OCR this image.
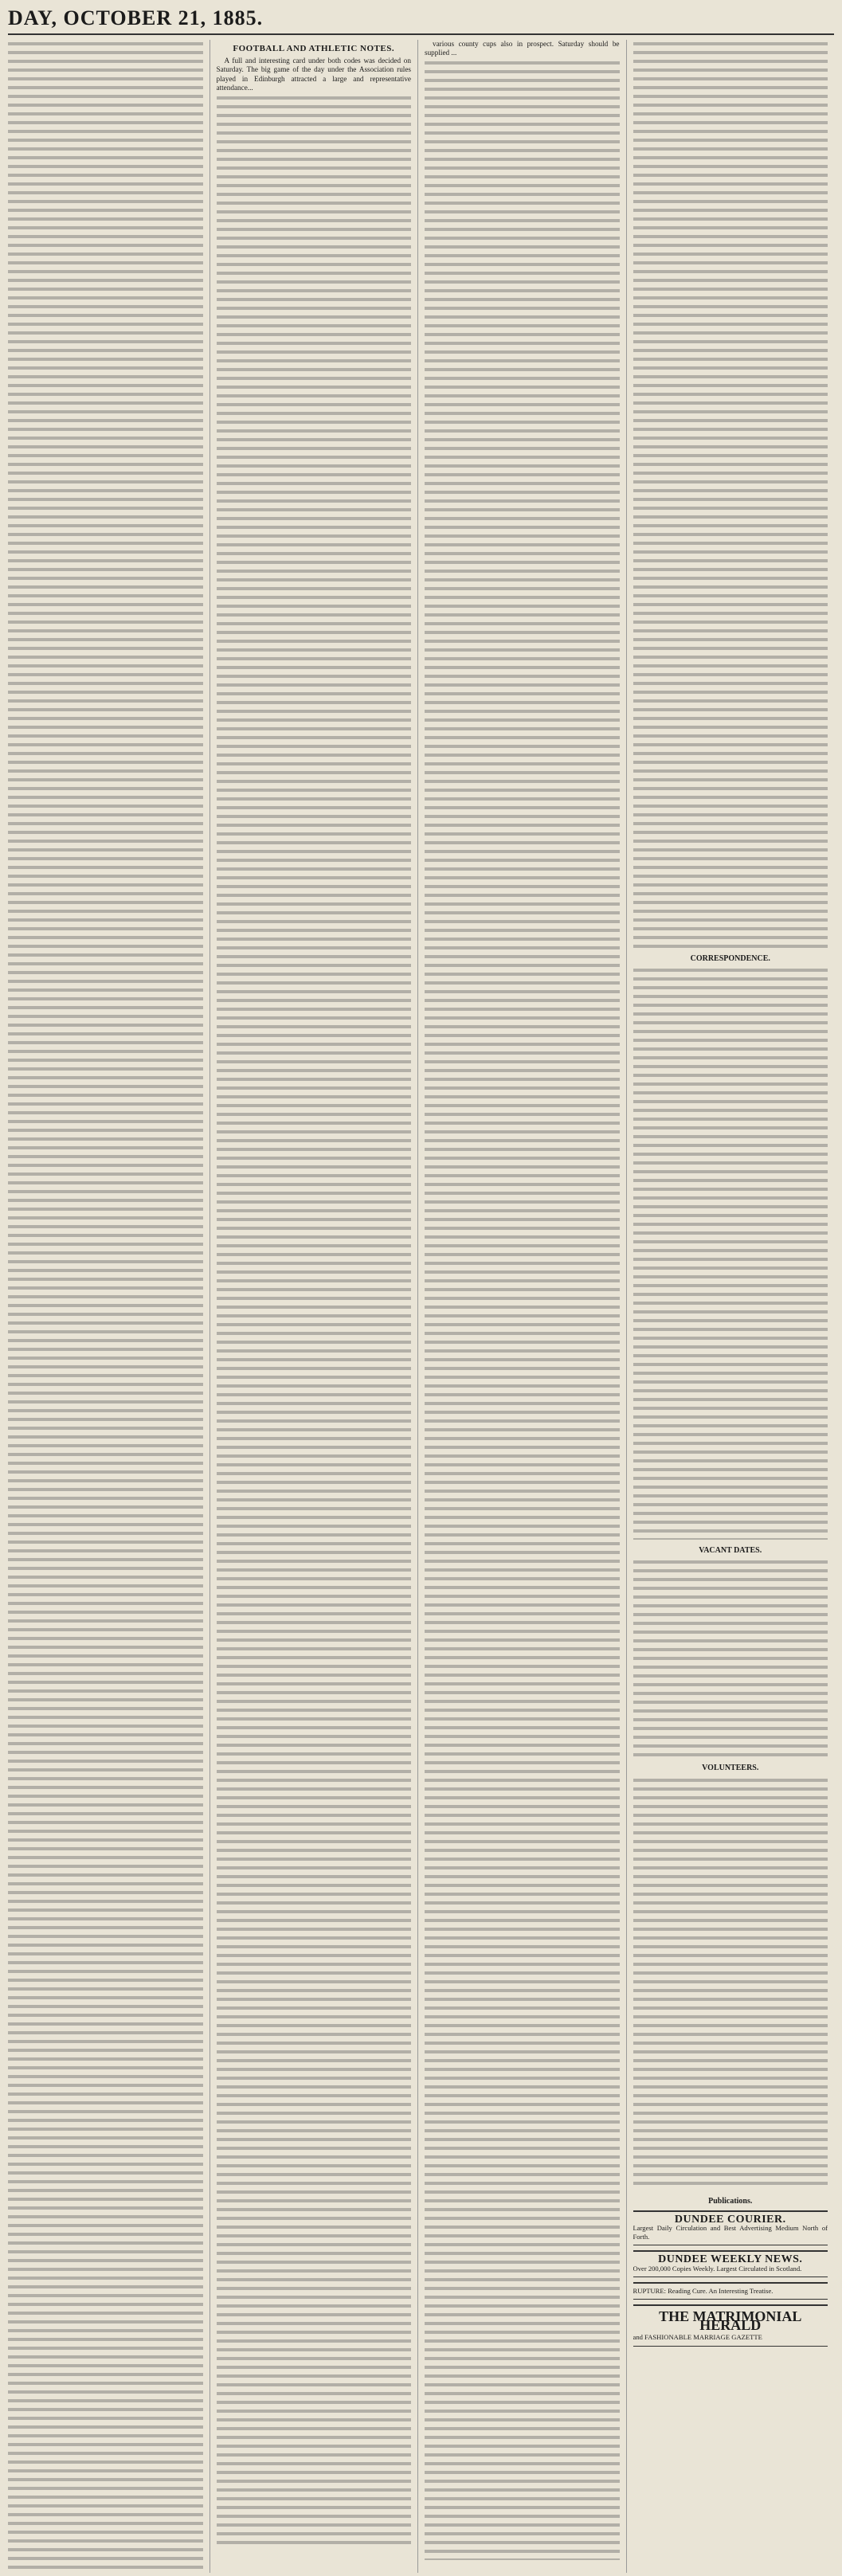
DAY, OCTOBER 21, 1885.
FOOTBALL AND ATHLETIC NOTES.
A full and interesting card under both codes was decided on Saturday. The big game of the day under the Association rules played in Edinburgh attracted a large and representative attendance...
various county cups also in prospect. Saturday should be supplied ...
CORRESPONDENCE.
VACANT DATES.
VOLUNTEERS.
Publications.
DUNDEE COURIER.
Largest Daily Circulation and Best Advertising Medium North of Forth.
DUNDEE WEEKLY NEWS.
Over 200,000 Copies Weekly. Largest Circulated in Scotland.
RUPTURE: Reading Cure. An Interesting Treatise.
THE MATRIMONIAL HERALD
and FASHIONABLE MARRIAGE GAZETTE
